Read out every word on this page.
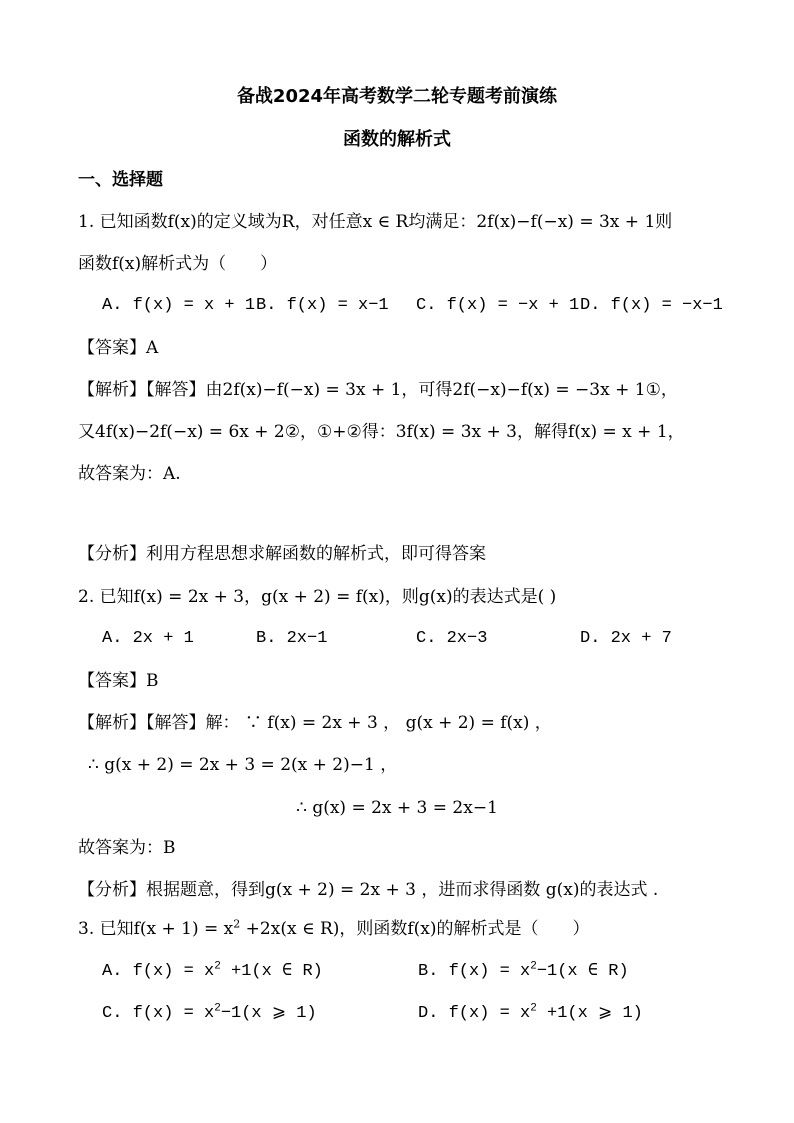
备战2024年高考数学二轮专题考前演练
函数的解析式
一、选择题
1. 已知函数f(x)的定义域为R，对任意x ∈ R均满足：2f(x)−f(−x) = 3x + 1则
函数f(x)解析式为（　　）
A. f(x) = x + 1 B. f(x) = x−1 C. f(x) = −x + 1 D. f(x) = −x−1
【答案】A
【解析】【解答】由2f(x)−f(−x) = 3x + 1，可得2f(−x)−f(x) = −3x + 1①，
又4f(x)−2f(−x) = 6x + 2②，①+②得：3f(x) = 3x + 3，解得f(x) = x + 1，
故答案为：A.
【分析】利用方程思想求解函数的解析式，即可得答案
2. 已知f(x) = 2x + 3，g(x + 2) = f(x)，则g(x)的表达式是( )
A. 2x + 1	B. 2x−1	C. 2x−3	D. 2x + 7
【答案】B
【解析】【解答】解： ∵ f(x) = 2x + 3 ， g(x + 2) = f(x) ，
∴ g(x + 2) = 2x + 3 = 2(x + 2)−1 ，
∴ g(x) = 2x + 3 = 2x−1
故答案为：B
【分析】根据题意，得到g(x + 2) = 2x + 3 ，进而求得函数 g(x)的表达式 .
3. 已知$f(x + 1) = x^2 +2x(x$ ∈ R)，则函数f(x)的解析式是（　　）
A. $f(x) = x^2 +1(x$ ∈ R)	B. $f(x) = x^2-1(x$ ∈ R)
C. $f(x) = x^2-1(x$ ⩾ 1)	D. $f(x) = x^2 +1(x$ ⩾ 1)
